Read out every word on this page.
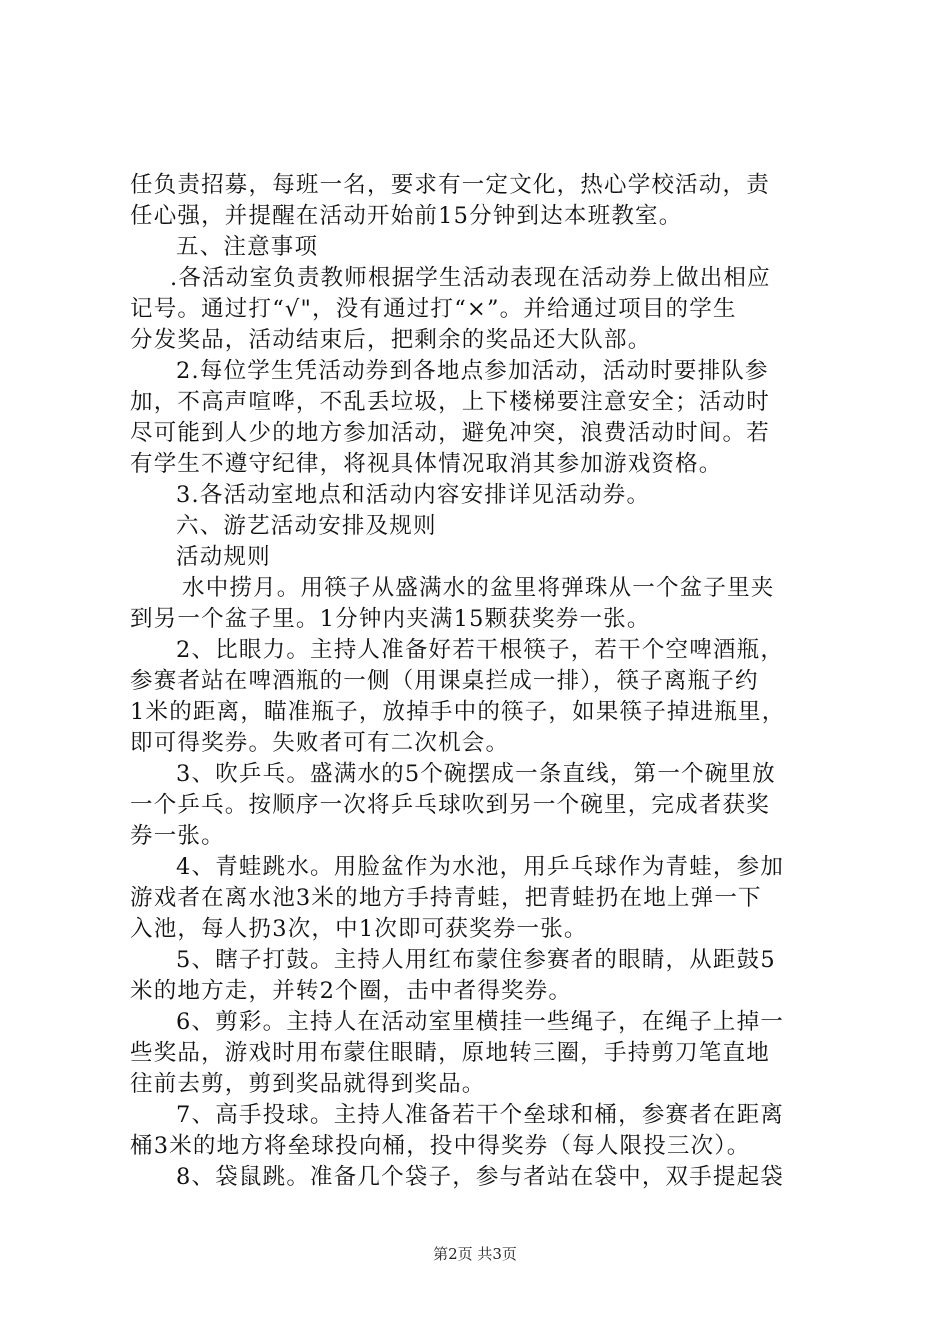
任负责招募，每班一名，要求有一定文化，热心学校活动，责
任心强，并提醒在活动开始前15分钟到达本班教室。
五、注意事项
.各活动室负责教师根据学生活动表现在活动券上做出相应
记号。通过打“√"，没有通过打“×”。并给通过项目的学生
分发奖品，活动结束后，把剩余的奖品还大队部。
2.每位学生凭活动券到各地点参加活动，活动时要排队参
加，不高声喧哗，不乱丢垃圾，上下楼梯要注意安全；活动时
尽可能到人少的地方参加活动，避免冲突，浪费活动时间。若
有学生不遵守纪律，将视具体情况取消其参加游戏资格。
3.各活动室地点和活动内容安排详见活动券。
六、游艺活动安排及规则
活动规则
水中捞月。用筷子从盛满水的盆里将弹珠从一个盆子里夹
到另一个盆子里。1分钟内夹满15颗获奖券一张。
2、比眼力。主持人准备好若干根筷子，若干个空啤酒瓶，
参赛者站在啤酒瓶的一侧（用课桌拦成一排），筷子离瓶子约
1米的距离，瞄准瓶子，放掉手中的筷子，如果筷子掉进瓶里，
即可得奖券。失败者可有二次机会。
3、吹乒乓。盛满水的5个碗摆成一条直线，第一个碗里放
一个乒乓。按顺序一次将乒乓球吹到另一个碗里，完成者获奖
券一张。
4、青蛙跳水。用脸盆作为水池，用乒乓球作为青蛙，参加
游戏者在离水池3米的地方手持青蛙，把青蛙扔在地上弹一下
入池，每人扔3次，中1次即可获奖券一张。
5、瞎子打鼓。主持人用红布蒙住参赛者的眼睛，从距鼓5
米的地方走，并转2个圈，击中者得奖券。
6、剪彩。主持人在活动室里横挂一些绳子，在绳子上掉一
些奖品，游戏时用布蒙住眼睛，原地转三圈，手持剪刀笔直地
往前去剪，剪到奖品就得到奖品。
7、高手投球。主持人准备若干个垒球和桶，参赛者在距离
桶3米的地方将垒球投向桶，投中得奖券（每人限投三次）。
8、袋鼠跳。准备几个袋子，参与者站在袋中，双手提起袋
第2页 共3页
